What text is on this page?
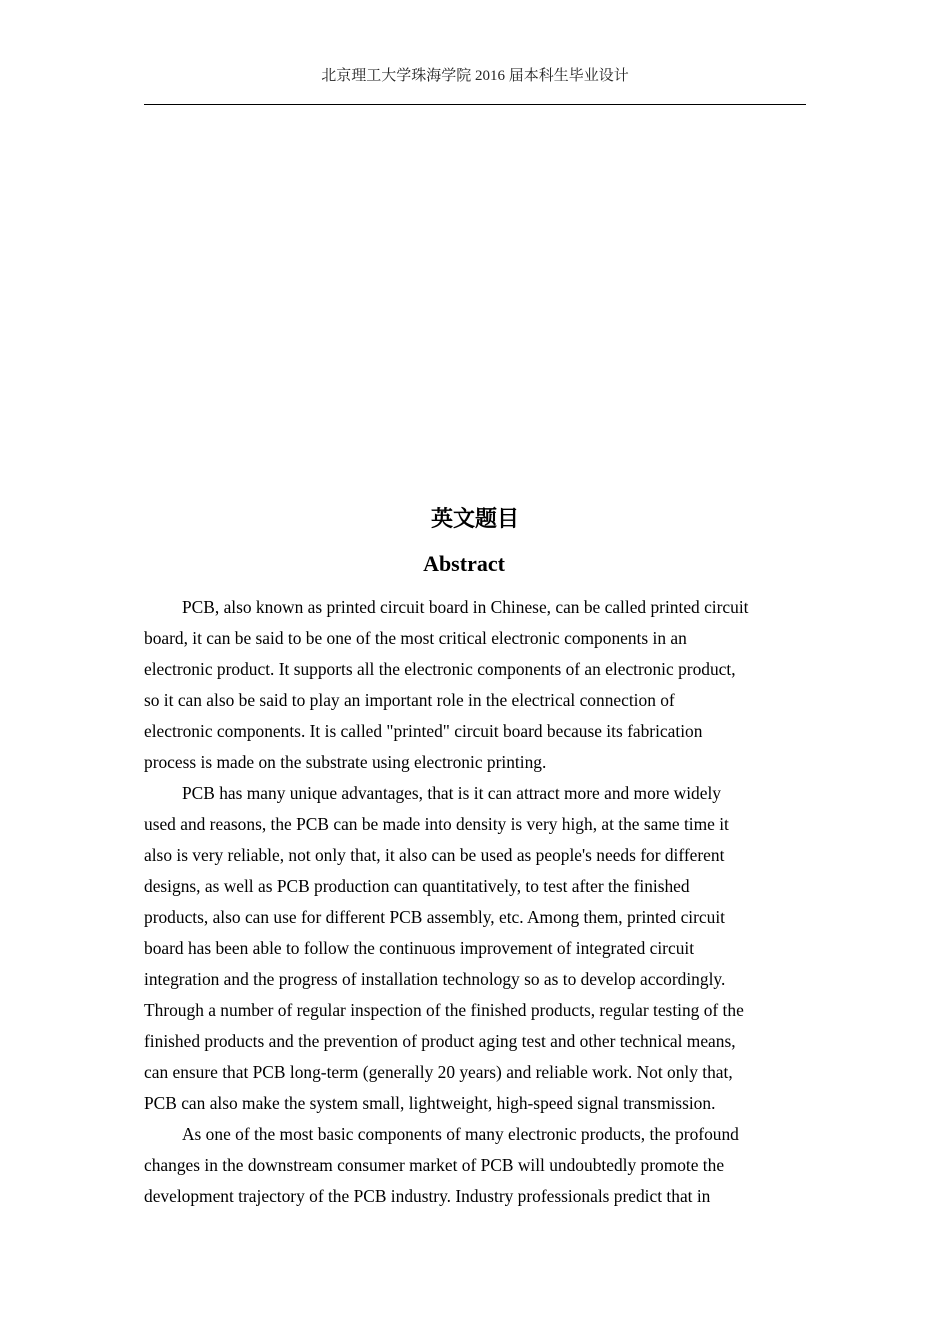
北京理工大学珠海学院 2016 届本科生毕业设计
英文题目
Abstract

PCB, also known as printed circuit board in Chinese, can be called printed circuit
board, it can be said to be one of the most critical electronic components in an
electronic product. It supports all the electronic components of an electronic product,
so it can also be said to play an important role in the electrical connection of
electronic components. It is called "printed" circuit board because its fabrication
process is made on the substrate using electronic printing.

PCB has many unique advantages, that is it can attract more and more widely
used and reasons, the PCB can be made into density is very high, at the same time it
also is very reliable, not only that, it also can be used as people's needs for different
designs, as well as PCB production can quantitatively, to test after the finished
products, also can use for different PCB assembly, etc. Among them, printed circuit
board has been able to follow the continuous improvement of integrated circuit
integration and the progress of installation technology so as to develop accordingly.
Through a number of regular inspection of the finished products, regular testing of the
finished products and the prevention of product aging test and other technical means,
can ensure that PCB long-term (generally 20 years) and reliable work. Not only that,
PCB can also make the system small, lightweight, high-speed signal transmission.

As one of the most basic components of many electronic products, the profound
changes in the downstream consumer market of PCB will undoubtedly promote the
development trajectory of the PCB industry. Industry professionals predict that in
